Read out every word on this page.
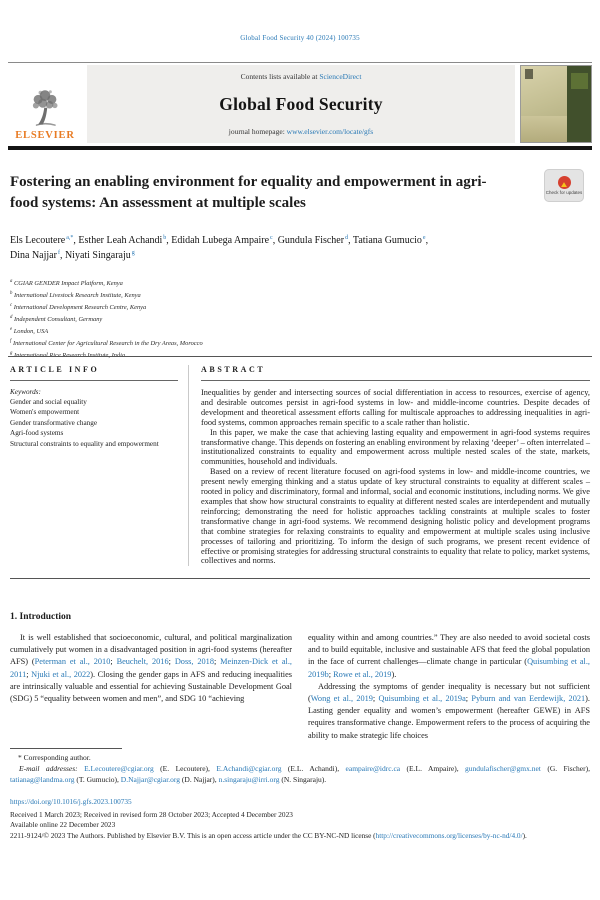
Global Food Security 40 (2024) 100735
ELSEVIER
Contents lists available at ScienceDirect
Global Food Security
journal homepage: www.elsevier.com/locate/gfs
Fostering an enabling environment for equality and empowerment in agri-food systems: An assessment at multiple scales
Check for updates
Els Lecoutere$^{a,*}$, Esther Leah Achandi$^b$, Edidah Lubega Ampaire$^c$, Gundula Fischer$^d$, Tatiana Gumucio$^e$, Dina Najjar$^f$, Niyati Singaraju$^g$
$^a$ CGIAR GENDER Impact Platform, Kenya
$^b$ International Livestock Research Institute, Kenya
$^c$ International Development Research Centre, Kenya
$^d$ Independent Consultant, Germany
$^e$ London, USA
$^f$ International Center for Agricultural Research in the Dry Areas, Morocco
$^g$ International Rice Research Institute, India
ARTICLE INFO
Keywords:
Gender and social equality
Women's empowerment
Gender transformative change
Agri-food systems
Structural constraints to equality and empowerment
ABSTRACT

Inequalities by gender and intersecting sources of social differentiation in access to resources, exercise of agency, and desirable outcomes persist in agri-food systems in low- and middle-income countries. Despite decades of development and theoretical assessment efforts calling for multiscale approaches to addressing inequalities in agri-food systems, common approaches remain specific to a scale rather than holistic.

In this paper, we make the case that achieving lasting equality and empowerment in agri-food systems requires transformative change. This depends on fostering an enabling environment by relaxing ‘deeper’ – often interrelated – institutionalized constraints to equality and empowerment across multiple nested scales of the state, markets, communities, household and individuals.

Based on a review of recent literature focused on agri-food systems in low- and middle-income countries, we present newly emerging thinking and a status update of key structural constraints to equality at different scales – rooted in policy and discriminatory, formal and informal, social and economic institutions, including norms. We give examples that show how structural constraints to equality at different nested scales are interdependent and mutually reinforcing; demonstrating the need for holistic approaches tackling constraints at multiple scales to foster transformative change in agri-food systems. We recommend designing holistic policy and development programs that combine strategies for relaxing constraints to equality and empowerment at multiple scales using inclusive processes of tailoring and prioritizing. To inform the design of such programs, we present recent evidence of effective or promising strategies for addressing structural constraints to equality that relate to policy, market systems, collectives and norms.

1. Introduction

It is well established that socioeconomic, cultural, and political marginalization cumulatively put women in a disadvantaged position in agri-food systems (hereafter AFS) (Peterman et al., 2010; Beuchelt, 2016; Doss, 2018; Meinzen-Dick et al., 2011; Njuki et al., 2022). Closing the gender gaps in AFS and reducing inequalities are intrinsically valuable and essential for achieving Sustainable Development Goal (SDG) 5 “equality between women and men”, and SDG 10 “achieving

equality within and among countries.” They are also needed to avoid societal costs and to build equitable, inclusive and sustainable AFS that feed the global population in the face of current challenges—climate change in particular (Quisumbing et al., 2019b; Rowe et al., 2019).

Addressing the symptoms of gender inequality is necessary but not sufficient (Wong et al., 2019; Quisumbing et al., 2019a; Pyburn and van Eerdewijk, 2021). Lasting gender equality and women’s empowerment (hereafter GEWE) in AFS requires transformative change. Empowerment refers to the process of acquiring the ability to make strategic life choices

* Corresponding author.

E-mail addresses: E.Lecoutere@cgiar.org (E. Lecoutere), E.Achandi@cgiar.org (E.L. Achandi), eampaire@idrc.ca (E.L. Ampaire), gundulafischer@gmx.net (G. Fischer), tatianag@landma.org (T. Gumucio), D.Najjar@cgiar.org (D. Najjar), n.singaraju@irri.org (N. Singaraju).

https://doi.org/10.1016/j.gfs.2023.100735
Received 1 March 2023; Received in revised form 28 October 2023; Accepted 4 December 2023
Available online 22 December 2023

2211-9124/© 2023 The Authors. Published by Elsevier B.V. This is an open access article under the CC BY-NC-ND license (http://creativecommons.org/licenses/by-nc-nd/4.0/).
